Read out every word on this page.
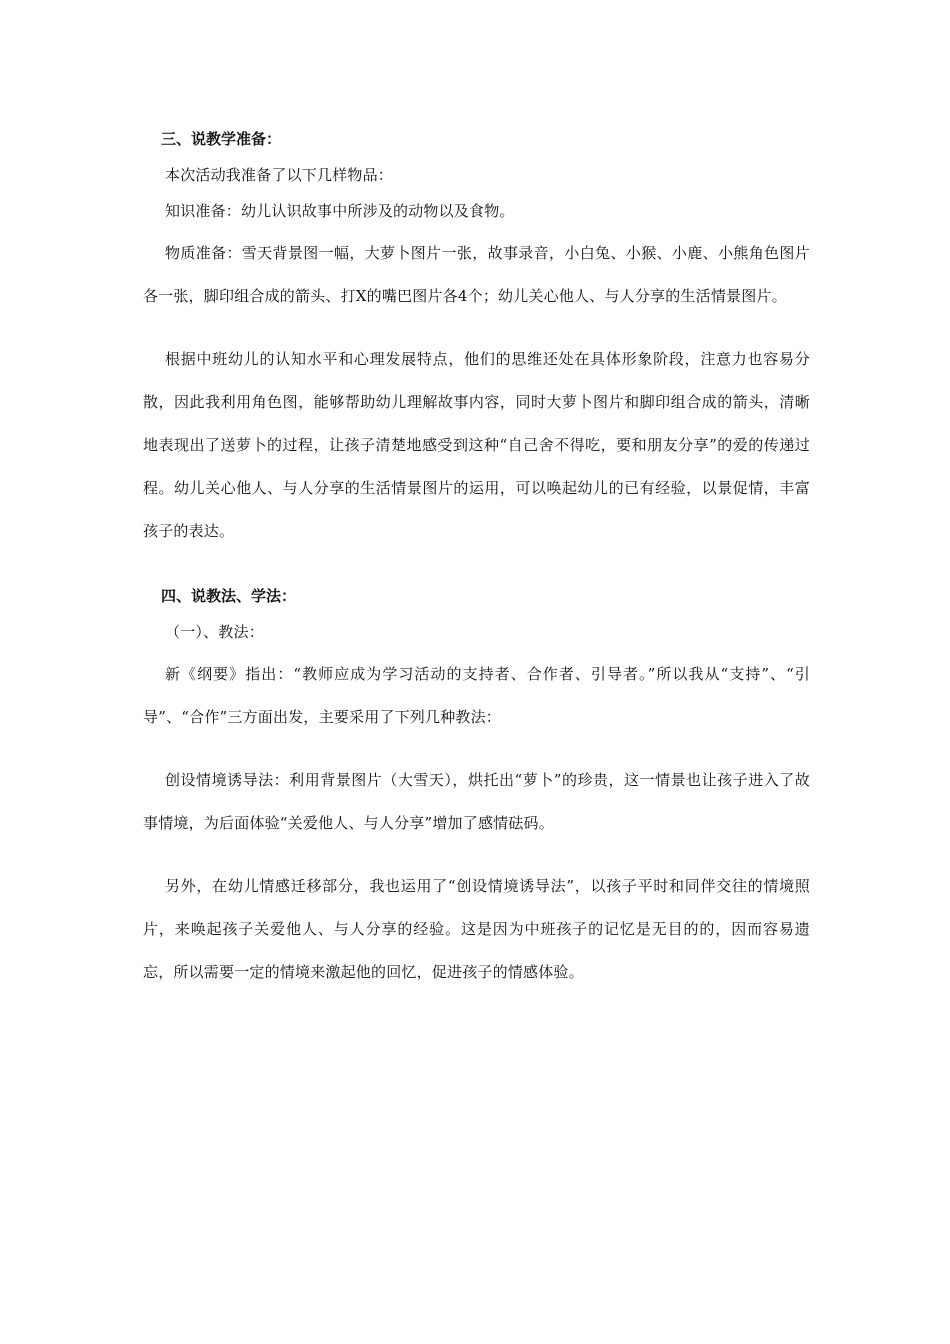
三、说教学准备：

本次活动我准备了以下几样物品：

知识准备：幼儿认识故事中所涉及的动物以及食物。

物质准备：雪天背景图一幅，大萝卜图片一张，故事录音，小白兔、小猴、小鹿、小熊角色图片各一张，脚印组合成的箭头、打X的嘴巴图片各4个；幼儿关心他人、与人分享的生活情景图片。

根据中班幼儿的认知水平和心理发展特点，他们的思维还处在具体形象阶段，注意力也容易分散，因此我利用角色图，能够帮助幼儿理解故事内容，同时大萝卜图片和脚印组合成的箭头，清晰地表现出了送萝卜的过程，让孩子清楚地感受到这种“自己舍不得吃，要和朋友分享”的爱的传递过程。幼儿关心他人、与人分享的生活情景图片的运用，可以唤起幼儿的已有经验，以景促情，丰富孩子的表达。

四、说教法、学法：

（一）、教法：

新《纲要》指出：“教师应成为学习活动的支持者、合作者、引导者。”所以我从“支持”、“引导”、“合作”三方面出发，主要采用了下列几种教法：

创设情境诱导法：利用背景图片（大雪天），烘托出“萝卜”的珍贵，这一情景也让孩子进入了故事情境，为后面体验“关爱他人、与人分享”增加了感情砝码。

另外，在幼儿情感迁移部分，我也运用了“创设情境诱导法”，以孩子平时和同伴交往的情境照片，来唤起孩子关爱他人、与人分享的经验。这是因为中班孩子的记忆是无目的的，因而容易遗忘，所以需要一定的情境来激起他的回忆，促进孩子的情感体验。
